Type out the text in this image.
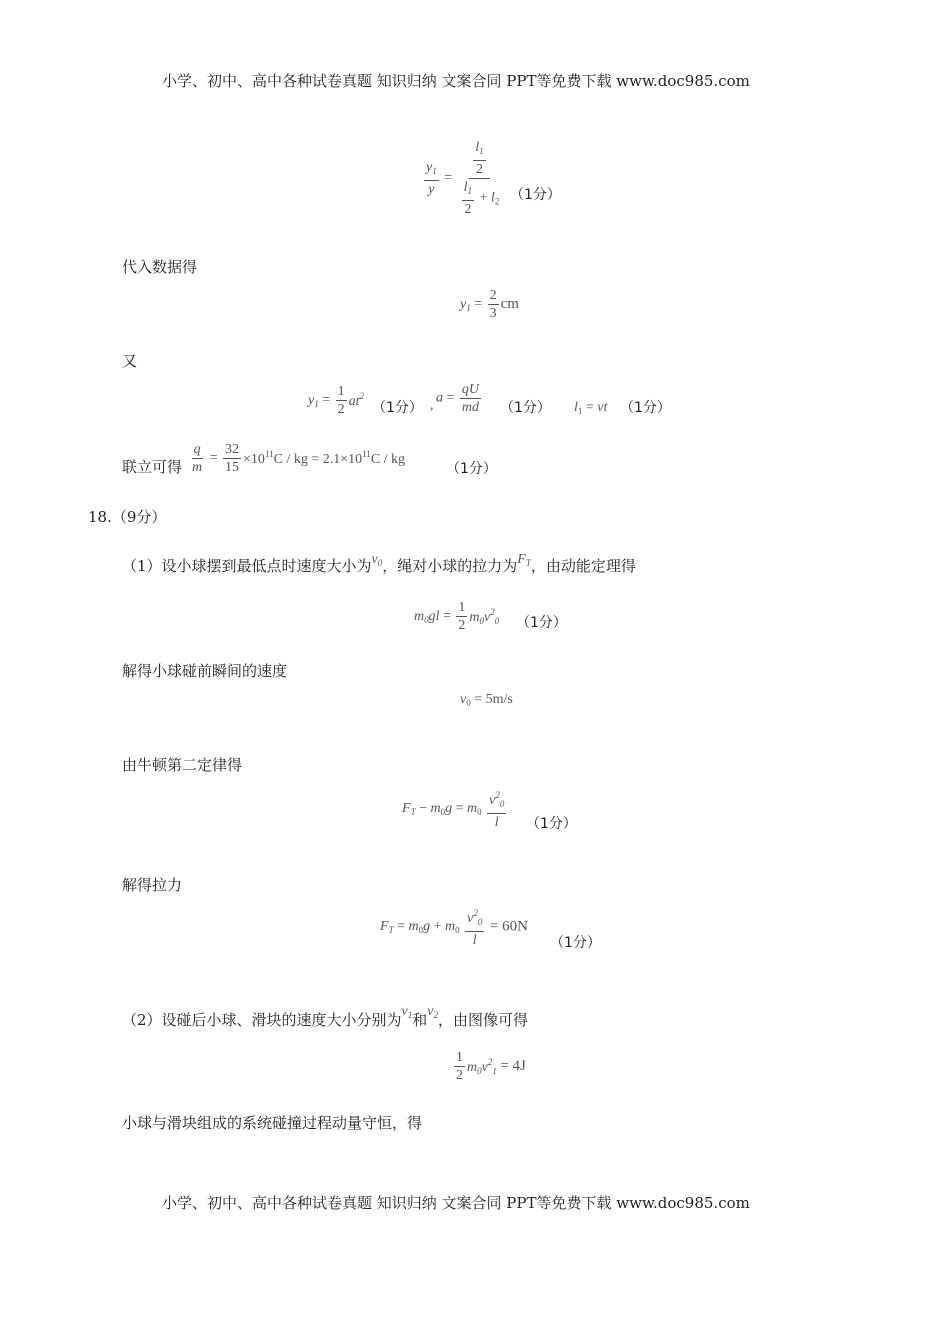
小学、初中、高中各种试卷真题 知识归纳 文案合同 PPT等免费下载 www.doc985.com
$\frac{y_1}{y} = \frac{\frac{l_1}{2}}{\frac{l_1}{2} + l_2} (1$分）
代入数据得
$y_1 = \frac{2}{3}$ cm
又
$y_1 = \frac{1}{2} at^2$
（1分） , $a = \frac{qU}{md} (1$分） $l_1$ = vt （1分）
联立可得 $\frac{q}{m} = \frac{32}{15} \times 10^{11}C$ / kg = $2.1\times 10^{11}C$ / kg
（1分）
18.（9分）
（1）设小球摆到最低点时速度大小为$v_0$，绳对小球的拉力为$F_T$，由动能定理得
$m_0gl = \frac{1}{2} m_0v^2_0$ （1分）
解得小球碰前瞬间的速度
$v_0 = 5m/s$
由牛顿第二定律得
$F_T - m_0g = m_0 \frac{v^2_0}{l} (1$分）
解得拉力
$F_T = m_0g + m_0 \frac{v^2_0}{l} = 60N$
（1分）
（2）设碰后小球、滑块的速度大小分别为$v_1$和$v_2$，由图像可得
$\frac{1}{2} m_0v^2_1 = 4J$
小球与滑块组成的系统碰撞过程动量守恒，得
小学、初中、高中各种试卷真题 知识归纳 文案合同 PPT等免费下载 www.doc985.com
